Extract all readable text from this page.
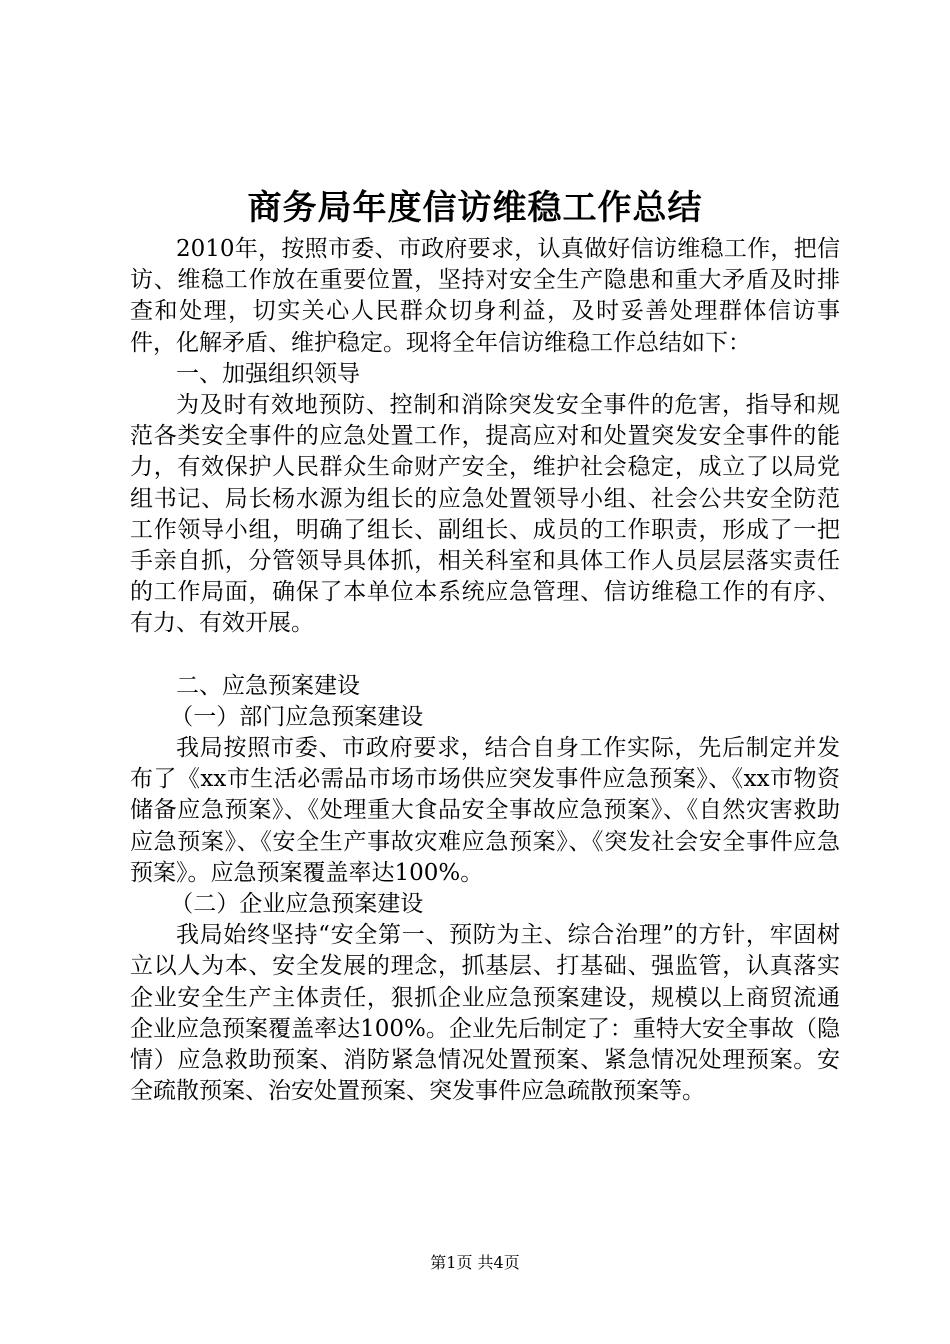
商务局年度信访维稳工作总结

2010年，按照市委、市政府要求，认真做好信访维稳工作，把信访、维稳工作放在重要位置，坚持对安全生产隐患和重大矛盾及时排查和处理，切实关心人民群众切身利益，及时妥善处理群体信访事件，化解矛盾、维护稳定。现将全年信访维稳工作总结如下：

一、加强组织领导

为及时有效地预防、控制和消除突发安全事件的危害，指导和规范各类安全事件的应急处置工作，提高应对和处置突发安全事件的能力，有效保护人民群众生命财产安全，维护社会稳定，成立了以局党组书记、局长杨水源为组长的应急处置领导小组、社会公共安全防范工作领导小组，明确了组长、副组长、成员的工作职责，形成了一把手亲自抓，分管领导具体抓，相关科室和具体工作人员层层落实责任的工作局面，确保了本单位本系统应急管理、信访维稳工作的有序、有力、有效开展。

二、应急预案建设

（一）部门应急预案建设

我局按照市委、市政府要求，结合自身工作实际，先后制定并发布了《xx市生活必需品市场市场供应突发事件应急预案》、《xx市物资储备应急预案》、《处理重大食品安全事故应急预案》、《自然灾害救助应急预案》、《安全生产事故灾难应急预案》、《突发社会安全事件应急预案》。应急预案覆盖率达100%。

（二）企业应急预案建设

我局始终坚持“安全第一、预防为主、综合治理”的方针，牢固树立以人为本、安全发展的理念，抓基层、打基础、强监管，认真落实企业安全生产主体责任，狠抓企业应急预案建设，规模以上商贸流通企业应急预案覆盖率达100%。企业先后制定了：重特大安全事故（隐情）应急救助预案、消防紧急情况处置预案、紧急情况处理预案。安全疏散预案、治安处置预案、突发事件应急疏散预案等。

第1页 共4页
